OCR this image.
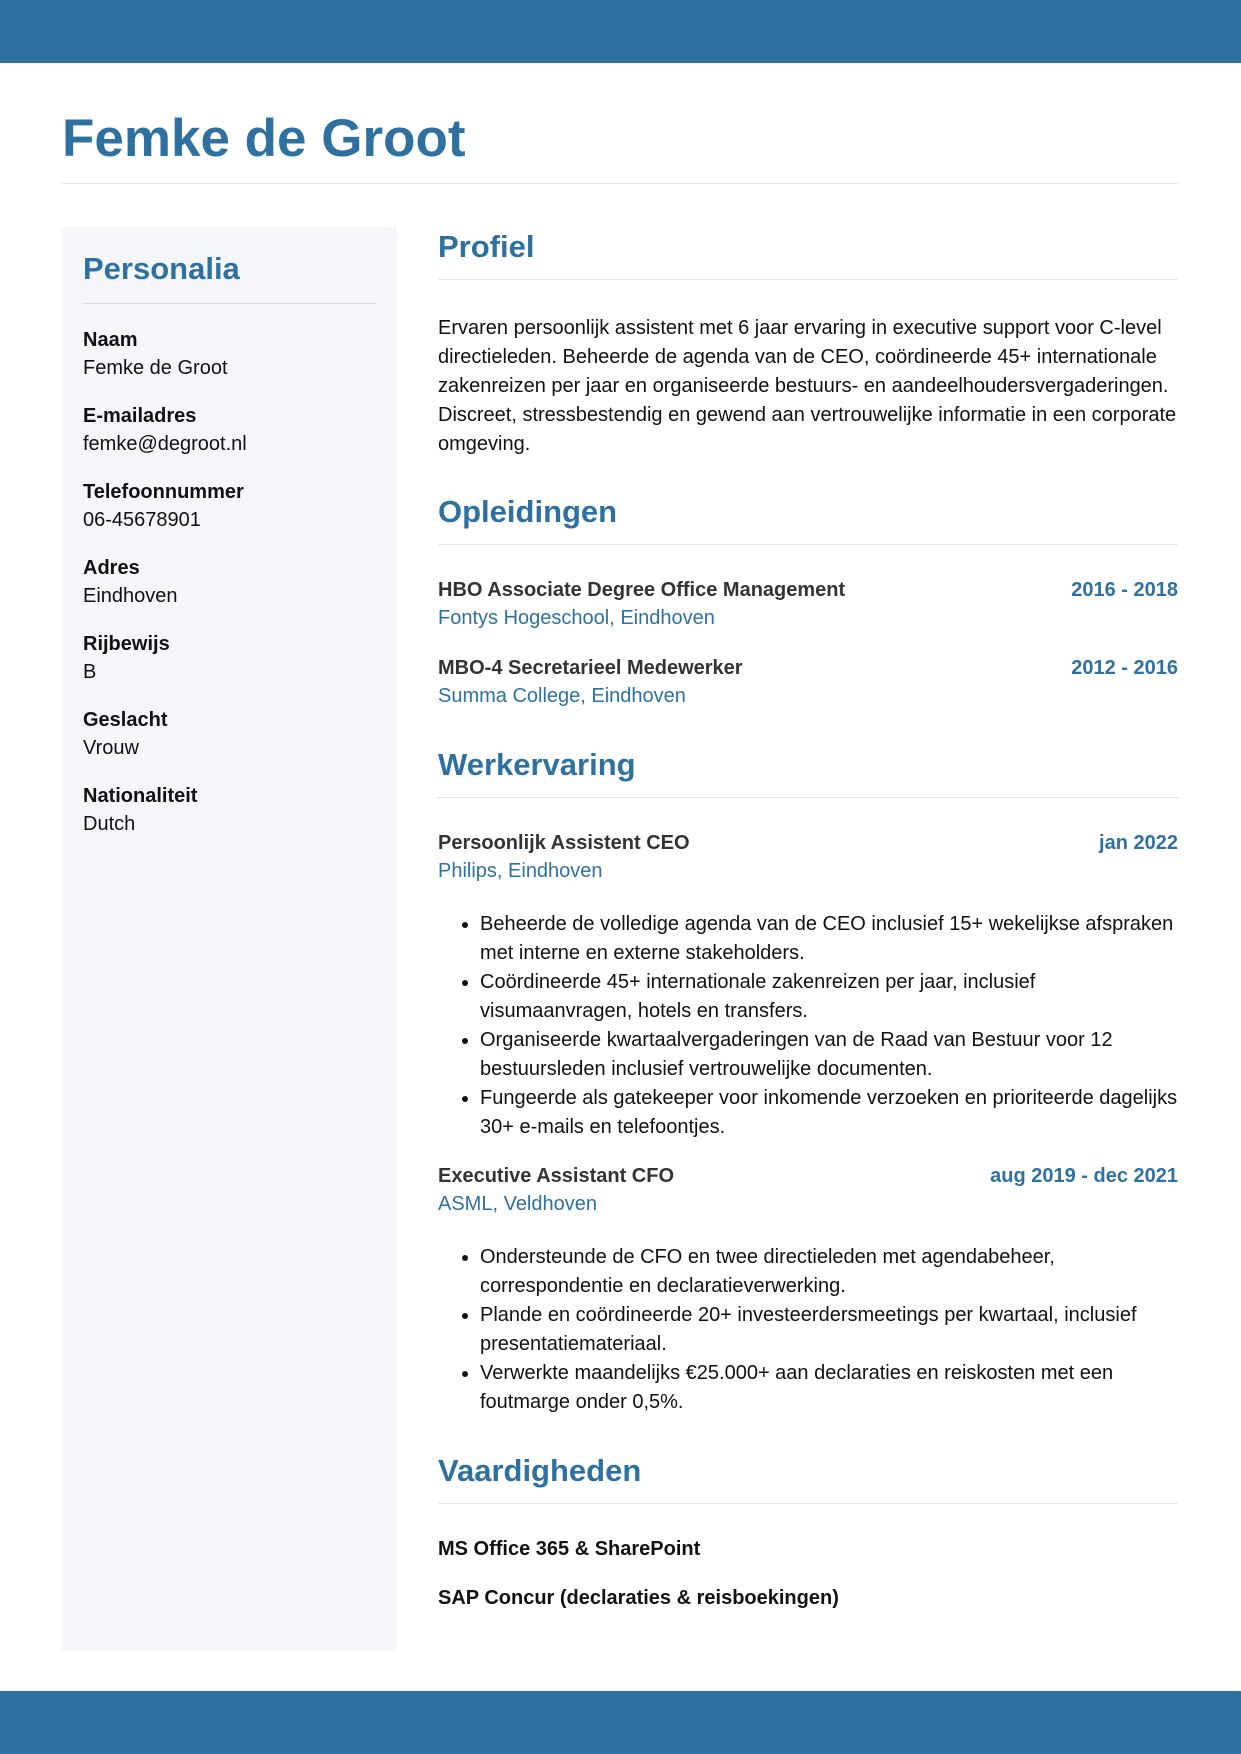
Femke de Groot
Personalia
Naam
Femke de Groot
E-mailadres
femke@degroot.nl
Telefoonnummer
06-45678901
Adres
Eindhoven
Rijbewijs
B
Geslacht
Vrouw
Nationaliteit
Dutch
Profiel

Ervaren persoonlijk assistent met 6 jaar ervaring in executive support voor C-level directieleden. Beheerde de agenda van de CEO, coördineerde 45+ internationale zakenreizen per jaar en organiseerde bestuurs- en aandeelhoudersvergaderingen. Discreet, stressbestendig en gewend aan vertrouwelijke informatie in een corporate omgeving.

Opleidingen
HBO Associate Degree Office Management	2016 - 2018
Fontys Hogeschool, Eindhoven
MBO-4 Secretarieel Medewerker	2012 - 2016
Summa College, Eindhoven
Werkervaring
Persoonlijk Assistent CEO	jan 2022
Philips, Eindhoven
• Beheerde de volledige agenda van de CEO inclusief 15+ wekelijkse afspraken met interne en externe stakeholders.
• Coördineerde 45+ internationale zakenreizen per jaar, inclusief visumaanvragen, hotels en transfers.
• Organiseerde kwartaalvergaderingen van de Raad van Bestuur voor 12 bestuursleden inclusief vertrouwelijke documenten.
• Fungeerde als gatekeeper voor inkomende verzoeken en prioriteerde dagelijks 30+ e-mails en telefoontjes.
Executive Assistant CFO	aug 2019 - dec 2021
ASML, Veldhoven
• Ondersteunde de CFO en twee directieleden met agendabeheer, correspondentie en declaratieverwerking.
• Plande en coördineerde 20+ investeerdersmeetings per kwartaal, inclusief presentatiemateriaal.
• Verwerkte maandelijks €25.000+ aan declaraties en reiskosten met een foutmarge onder 0,5%.
Vaardigheden
MS Office 365 & SharePoint
SAP Concur (declaraties & reisboekingen)
